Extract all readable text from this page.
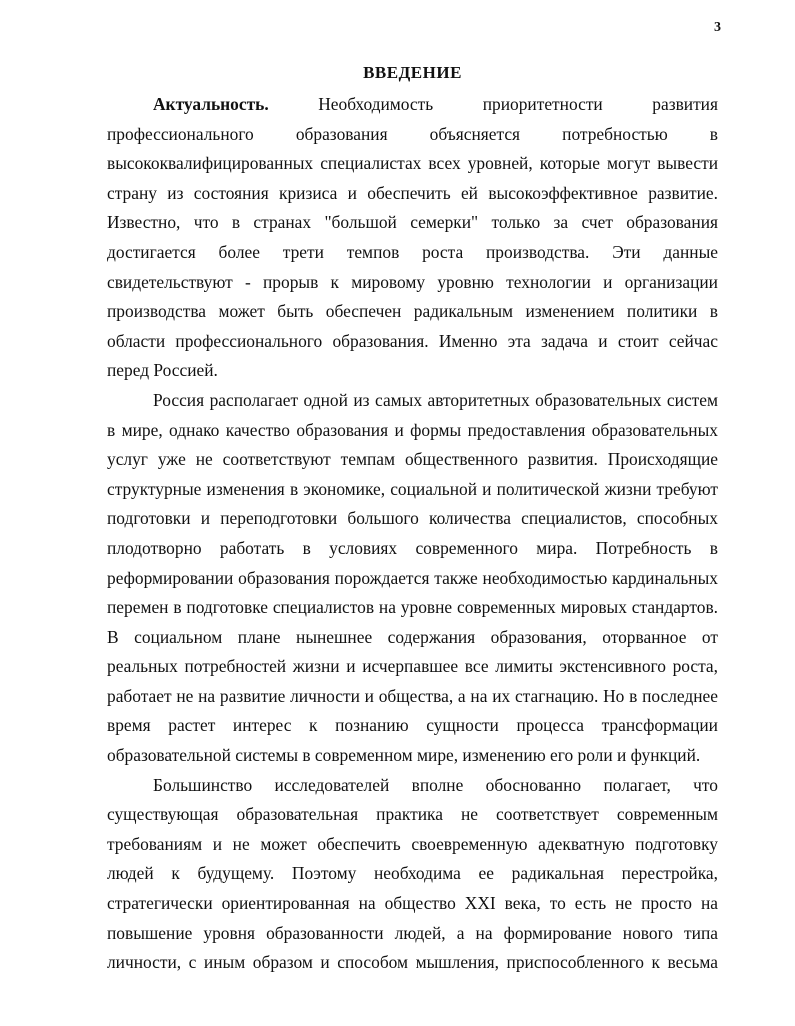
3
ВВЕДЕНИЕ
Актуальность.	Необходимость приоритетности развития
профессионального образования объясняется потребностью в
высококвалифицированных специалистах всех уровней, которые могут вывести
страну из состояния кризиса и обеспечить ей высокоэффективное развитие.
Известно, что в странах "большой семерки" только за счет образования
достигается более трети темпов роста производства. Эти данные
свидетельствуют - прорыв к мировому уровню технологии и организации
производства может быть обеспечен радикальным изменением политики в
области профессионального образования. Именно эта задача и стоит сейчас
перед Россией.
Россия располагает одной из самых авторитетных образовательных систем
в мире, однако качество образования и формы предоставления образовательных
услуг уже не соответствуют темпам общественного развития. Происходящие
структурные изменения в экономике, социальной и политической жизни требуют
подготовки и переподготовки большого количества специалистов, способных
плодотворно работать в условиях современного мира. Потребность в
реформировании образования порождается также необходимостью кардинальных
перемен в подготовке специалистов на уровне современных мировых стандартов.
В социальном плане нынешнее содержания образования, оторванное от
реальных потребностей жизни и исчерпавшее все лимиты экстенсивного роста,
работает не на развитие личности и общества, а на их стагнацию. Но в последнее
время растет интерес к познанию сущности процесса трансформации
образовательной системы в современном мире, изменению его роли и функций.
Большинство исследователей вполне обоснованно полагает, что
существующая образовательная практика не соответствует современным
требованиям и не может обеспечить своевременную адекватную подготовку
людей к будущему. Поэтому необходима ее радикальная перестройка,
стратегически ориентированная на общество XXI века, то есть не просто на
повышение уровня образованности людей, а на формирование нового типа
личности, с иным образом и способом мышления, приспособленного к весьма
